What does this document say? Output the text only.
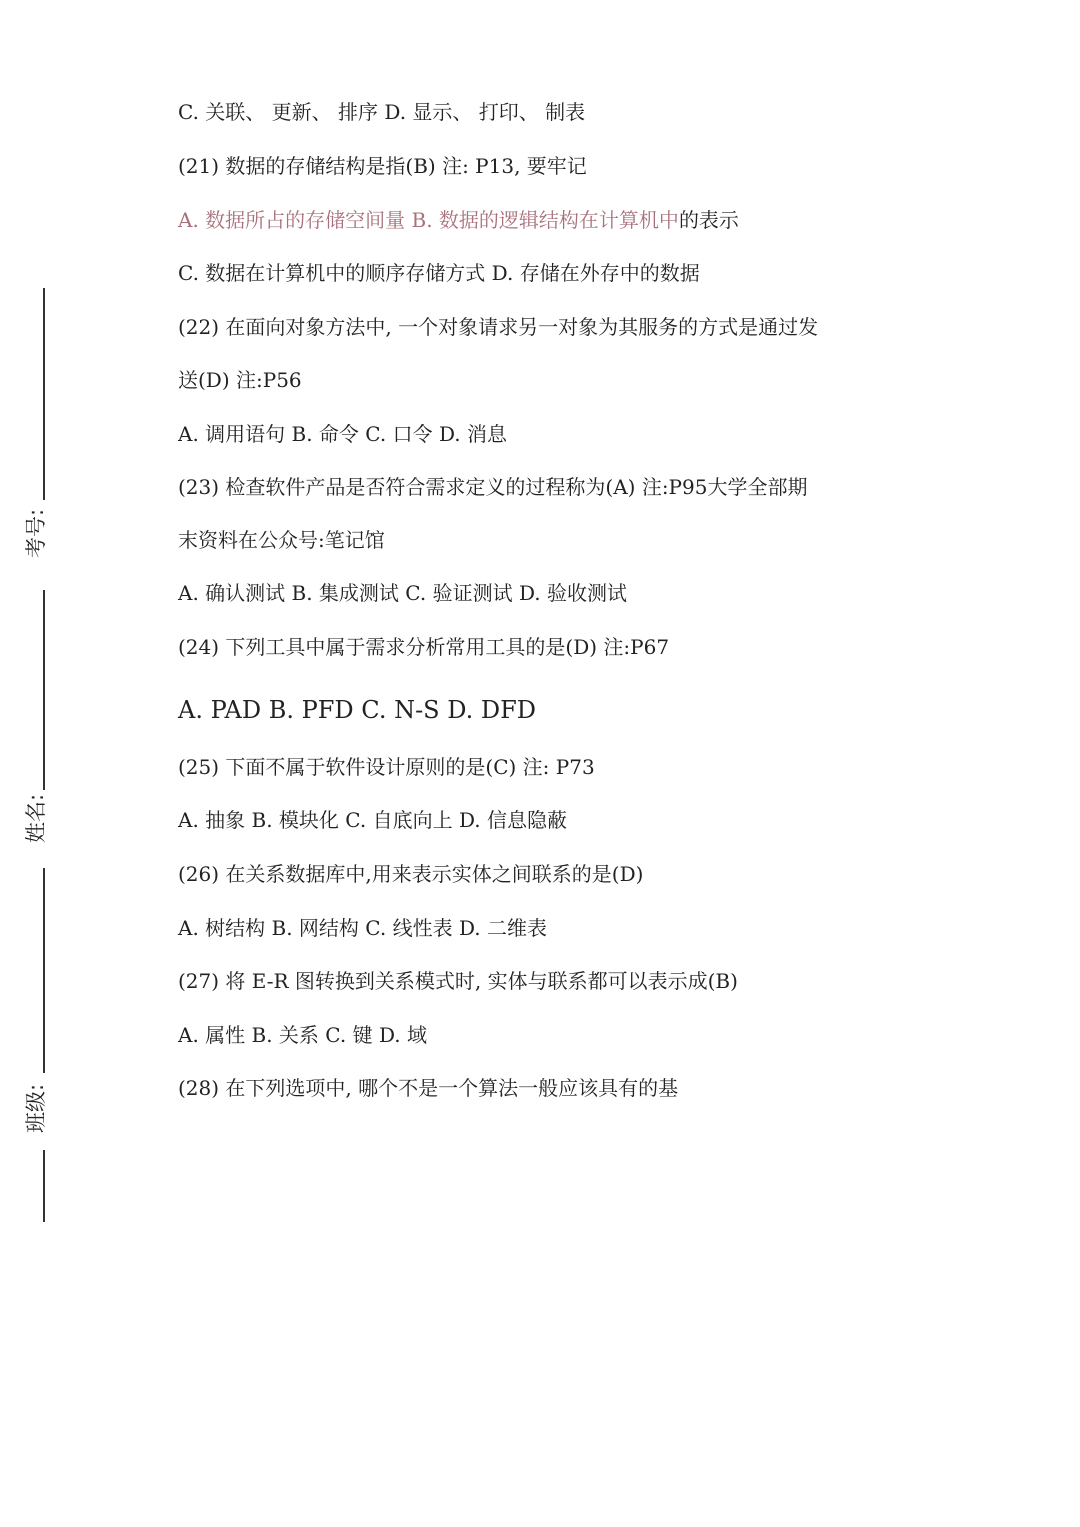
考号:
姓名:
班级:
C. 关联、 更新、 排序 D. 显示、 打印、 制表
(21) 数据的存储结构是指(B) 注: P13, 要牢记
A. 数据所占的存储空间量 B. 数据的逻辑结构在计算机中的表示
C. 数据在计算机中的顺序存储方式 D. 存储在外存中的数据
(22) 在面向对象方法中, 一个对象请求另一对象为其服务的方式是通过发
送(D) 注:P56
A. 调用语句 B. 命令 C. 口令 D. 消息
(23) 检查软件产品是否符合需求定义的过程称为(A) 注:P95大学全部期
末资料在公众号:笔记馆
A. 确认测试 B. 集成测试 C. 验证测试 D. 验收测试
(24) 下列工具中属于需求分析常用工具的是(D) 注:P67
A. PAD B. PFD C. N-S D. DFD
(25) 下面不属于软件设计原则的是(C) 注: P73
A. 抽象 B. 模块化 C. 自底向上 D. 信息隐蔽
(26) 在关系数据库中,用来表示实体之间联系的是(D)
A. 树结构 B. 网结构 C. 线性表 D. 二维表
(27) 将 E-R 图转换到关系模式时, 实体与联系都可以表示成(B)
A. 属性 B. 关系 C. 键 D. 域
(28) 在下列选项中, 哪个不是一个算法一般应该具有的基
